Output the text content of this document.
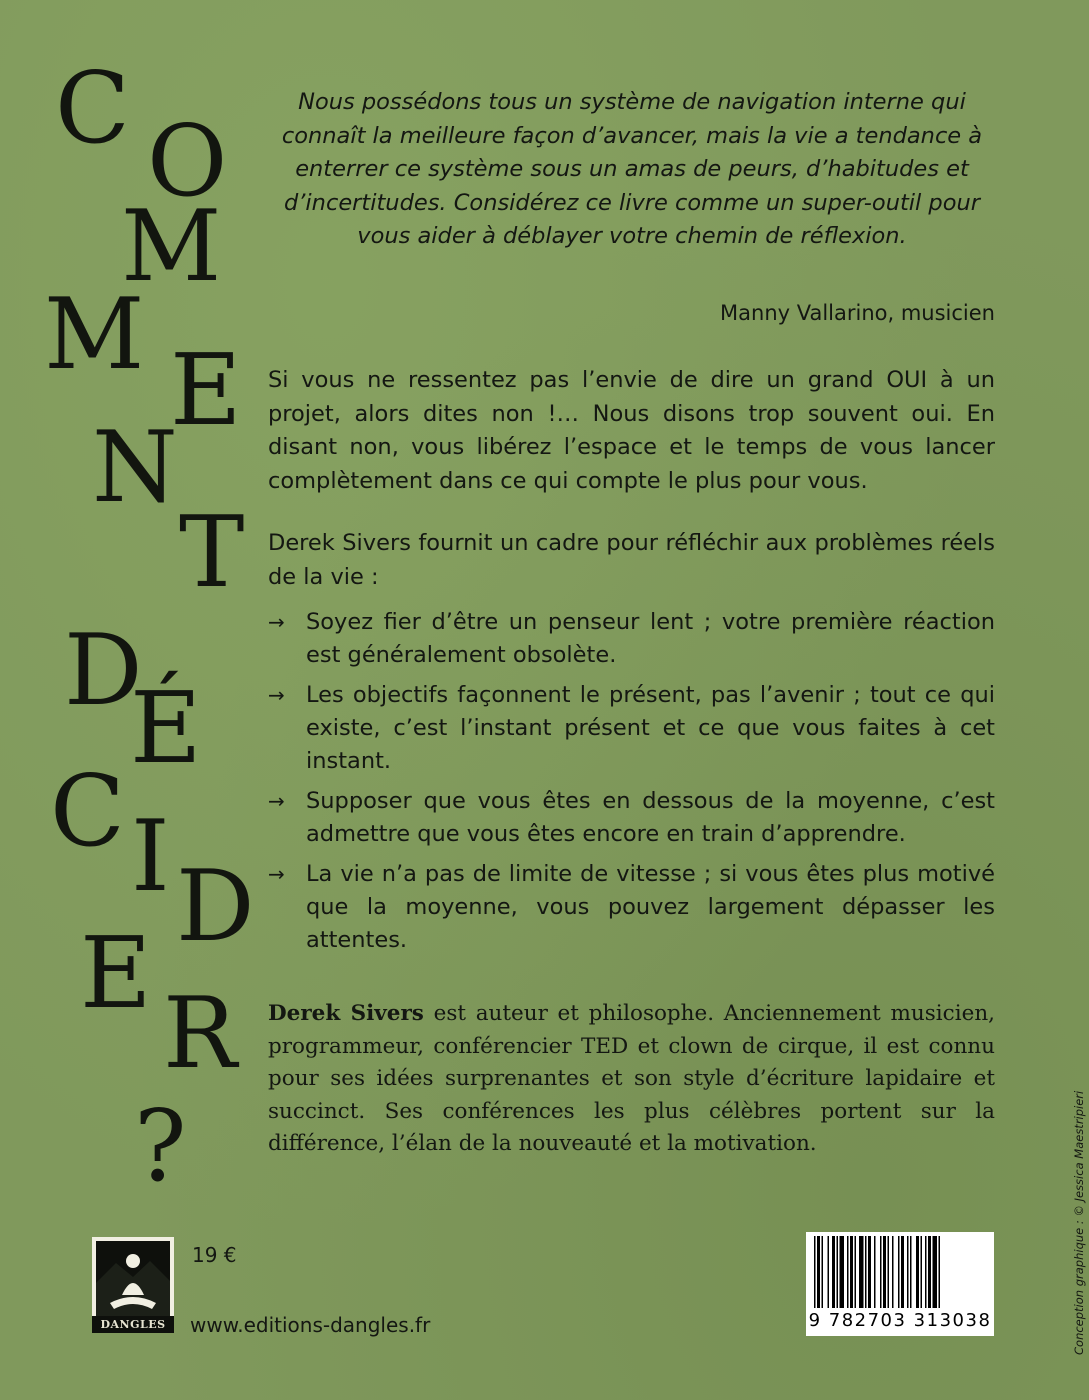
C O
M
M E
N
T
D
É
C I D
E
R
?
Nous possédons tous un système de navigation interne qui connaît la meilleure façon d’avancer, mais la vie a tendance à enterrer ce système sous un amas de peurs, d’habitudes et d’incertitudes. Considérez ce livre comme un super-outil pour vous aider à déblayer votre chemin de réflexion.
Manny Vallarino, musicien
Si vous ne ressentez pas l’envie de dire un grand OUI à un projet, alors dites non !… Nous disons trop souvent oui. En disant non, vous libérez l’espace et le temps de vous lancer complètement dans ce qui compte le plus pour vous.
Derek Sivers fournit un cadre pour réfléchir aux problèmes réels de la vie :
→ Soyez fier d’être un penseur lent ; votre première réaction est généralement obsolète.
→ Les objectifs façonnent le présent, pas l’avenir ; tout ce qui existe, c’est l’instant présent et ce que vous faites à cet instant.
→ Supposer que vous êtes en dessous de la moyenne, c’est admettre que vous êtes encore en train d’apprendre.
→ La vie n’a pas de limite de vitesse ; si vous êtes plus motivé que la moyenne, vous pouvez largement dépasser les attentes.
Derek Sivers est auteur et philosophe. Anciennement musicien, programmeur, conférencier TED et clown de cirque, il est connu pour ses idées surprenantes et son style d’écriture lapidaire et succinct. Ses conférences les plus célèbres portent sur la différence, l’élan de la nouveauté et la motivation.
DANGLES
19 €
www.editions-dangles.fr	9 782703 313038	Conception graphique : © Jessica Maestripieri
